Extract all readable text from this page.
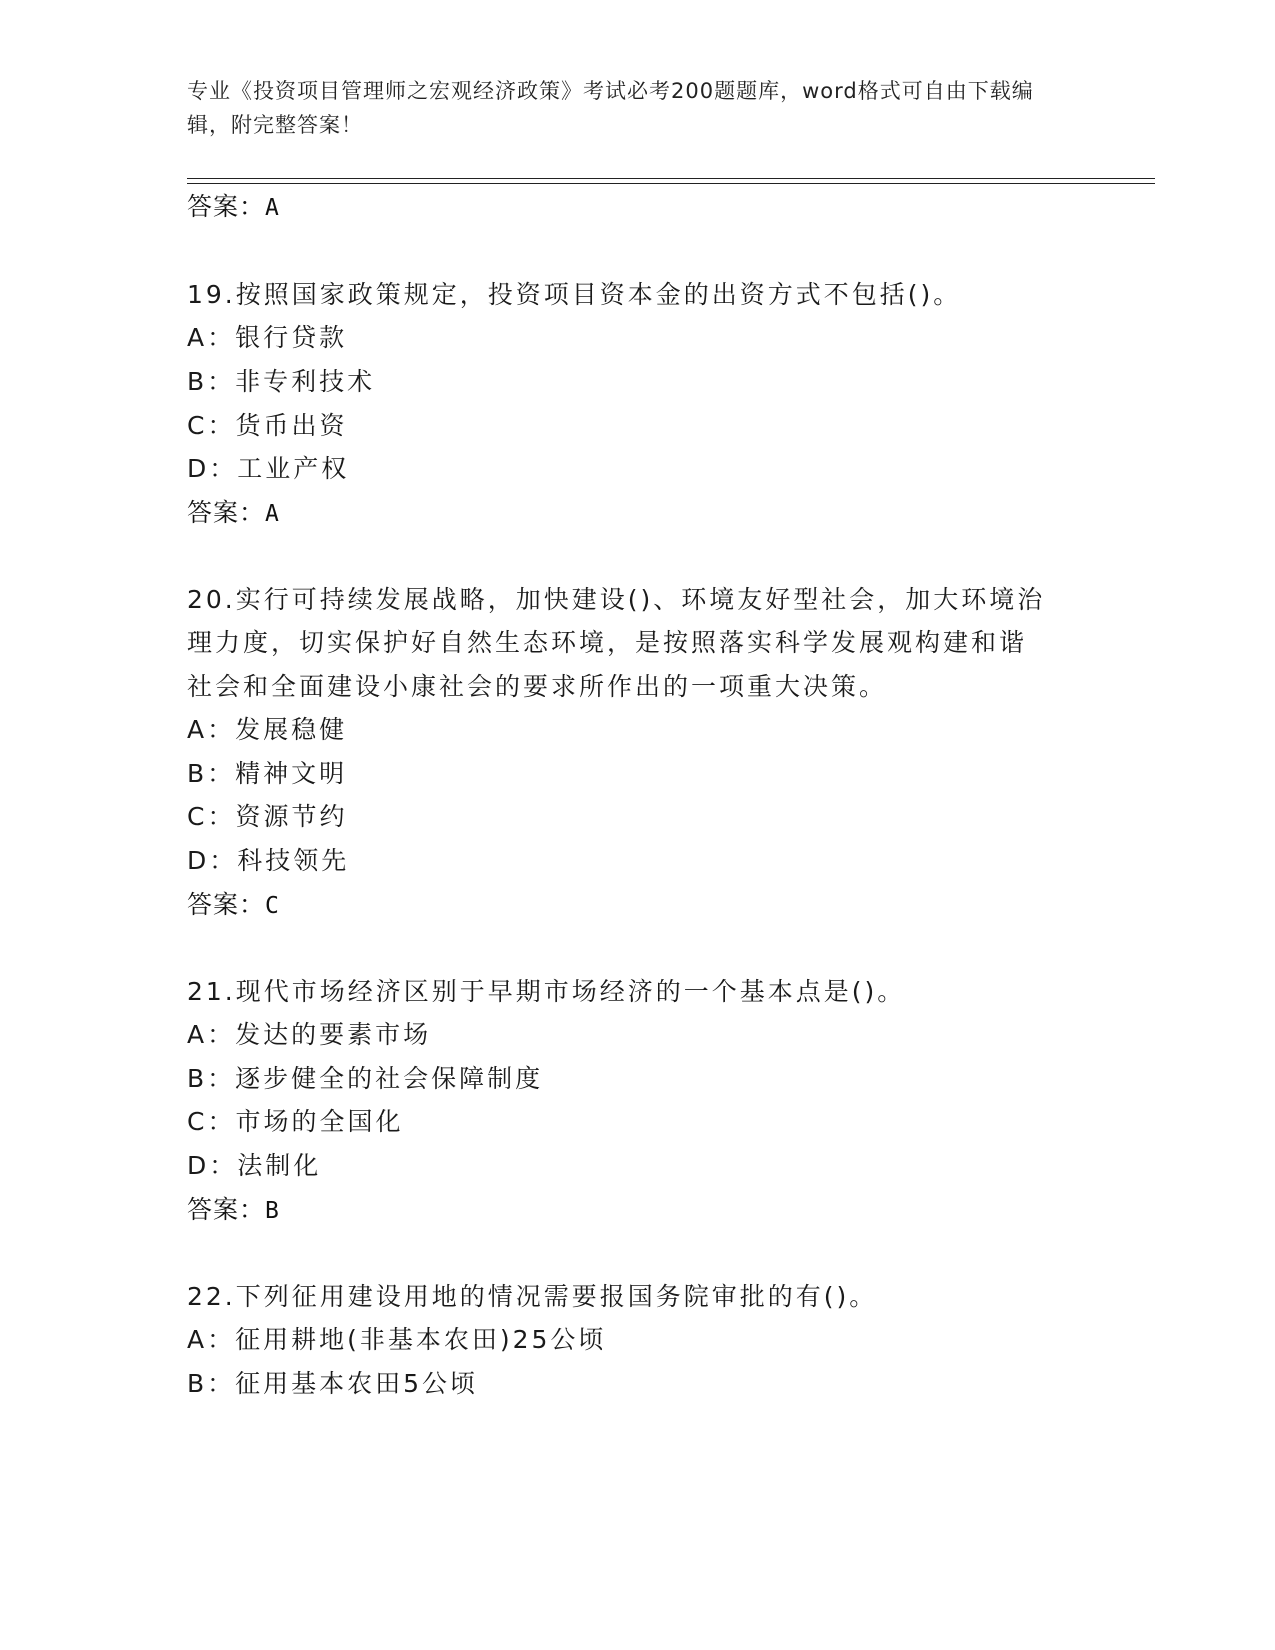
专业《投资项目管理师之宏观经济政策》考试必考200题题库，word格式可自由下载编辑，附完整答案！
答案：A
19.按照国家政策规定，投资项目资本金的出资方式不包括()。
A：银行贷款
B：非专利技术
C：货币出资
D：工业产权
答案：A
20.实行可持续发展战略，加快建设()、环境友好型社会，加大环境治
理力度，切实保护好自然生态环境，是按照落实科学发展观构建和谐
社会和全面建设小康社会的要求所作出的一项重大决策。
A：发展稳健
B：精神文明
C：资源节约
D：科技领先
答案：C
21.现代市场经济区别于早期市场经济的一个基本点是()。
A：发达的要素市场
B：逐步健全的社会保障制度
C：市场的全国化
D：法制化
答案：B
22.下列征用建设用地的情况需要报国务院审批的有()。
A：征用耕地(非基本农田)25公顷
B：征用基本农田5公顷
